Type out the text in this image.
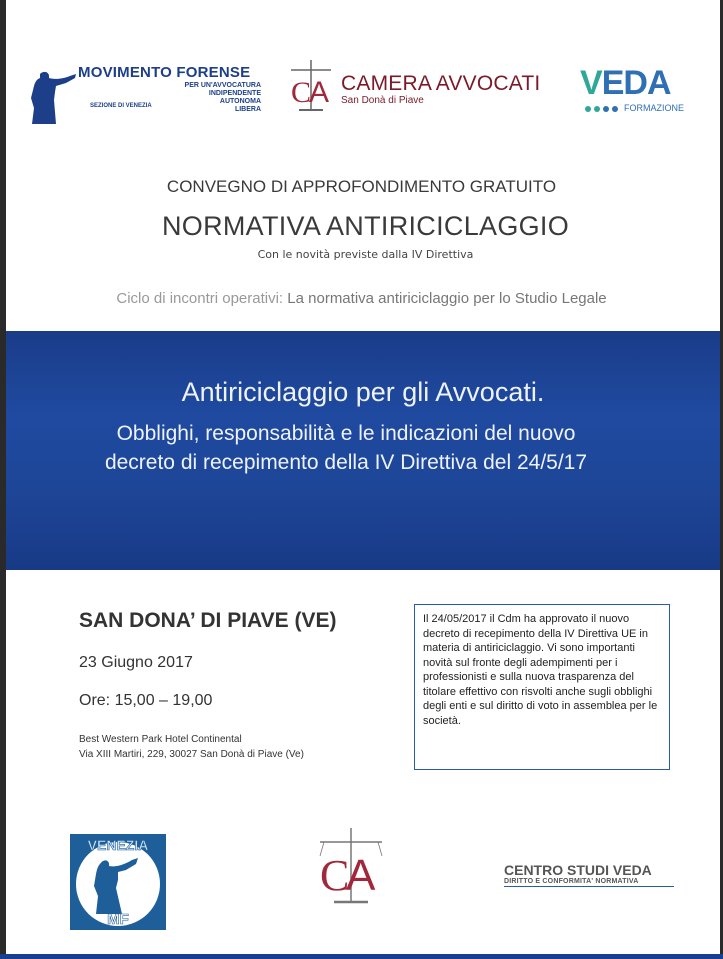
MOVIMENTO FORENSE
PER UN'AVVOCATURA
INDIPENDENTE
AUTONOMA
LIBERA
SEZIONE DI VENEZIA	C
A CAMERA AVVOCATI
San Donà di Piave	VEDA
FORMAZIONE
CONVEGNO DI APPROFONDIMENTO GRATUITO
NORMATIVA ANTIRICICLAGGIO
Con le novità previste dalla IV Direttiva
Ciclo di incontri operativi: La normativa antiriciclaggio per lo Studio Legale
Antiriciclaggio per gli Avvocati.
Obblighi, responsabilità e le indicazioni del nuovo decreto di recepimento della IV Direttiva del 24/5/17
SAN DONA’ DI PIAVE (VE)
23 Giugno 2017
Ore: 15,00 – 19,00
Best Western Park Hotel Continental
Via XIII Martiri, 229, 30027 San Donà di Piave (Ve)
Il 24/05/2017 il Cdm ha approvato il nuovo decreto di recepimento della IV Direttiva UE in materia di antiriciclaggio. Vi sono importanti novità sul fronte degli adempimenti per i professionisti e sulla nuova trasparenza del titolare effettivo con risvolti anche sugli obblighi degli enti e sul diritto di voto in assemblea per le società.
VENEZIA
MF
C
A	CENTRO STUDI VEDA
DIRITTO E CONFORMITA' NORMATIVA
